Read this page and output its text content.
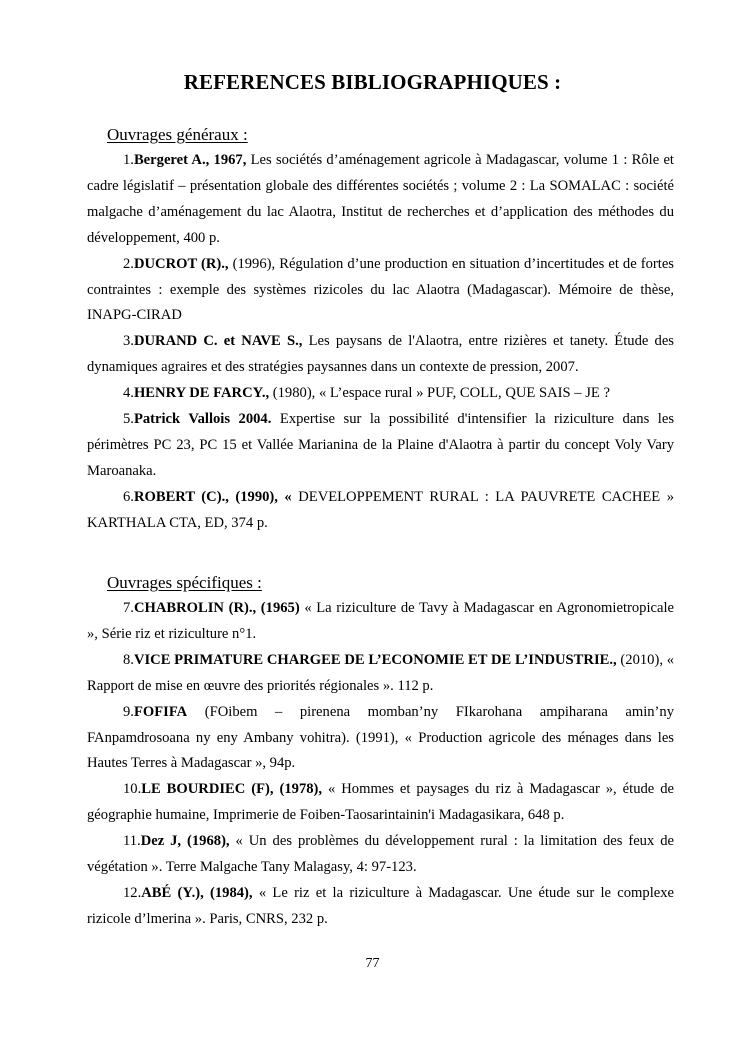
REFERENCES BIBLIOGRAPHIQUES :
Ouvrages généraux :
1.Bergeret A., 1967, Les sociétés d’aménagement agricole à Madagascar, volume 1 : Rôle et cadre législatif – présentation globale des différentes sociétés ; volume 2 : La SOMALAC : société malgache d’aménagement du lac Alaotra, Institut de recherches et d’application des méthodes du développement, 400 p.
2.DUCROT (R)., (1996), Régulation d’une production en situation d’incertitudes et de fortes contraintes : exemple des systèmes rizicoles du lac Alaotra (Madagascar). Mémoire de thèse, INAPG-CIRAD
3.DURAND C. et NAVE S., Les paysans de l'Alaotra, entre rizières et tanety. Étude des dynamiques agraires et des stratégies paysannes dans un contexte de pression, 2007.
4.HENRY DE FARCY., (1980), « L’espace rural » PUF, COLL, QUE SAIS – JE ?
5.Patrick Vallois 2004. Expertise sur la possibilité d'intensifier la riziculture dans les périmètres PC 23, PC 15 et Vallée Marianina de la Plaine d'Alaotra à partir du concept Voly Vary Maroanaka.
6.ROBERT (C)., (1990), « DEVELOPPEMENT RURAL : LA PAUVRETE CACHEE » KARTHALA CTA, ED, 374 p.
Ouvrages spécifiques :
7.CHABROLIN (R)., (1965) « La riziculture de Tavy à Madagascar en Agronomietropicale », Série riz et riziculture n°1.
8.VICE PRIMATURE CHARGEE DE L’ECONOMIE ET DE L’INDUSTRIE., (2010), « Rapport de mise en œuvre des priorités régionales ». 112 p.
9.FOFIFA (FOibem – pirenena momban’ny FIkarohana ampiharana amin’ny FAnpamdrosoana ny eny Ambany vohitra). (1991), « Production agricole des ménages dans les Hautes Terres à Madagascar », 94p.
10.LE BOURDIEC (F), (1978), « Hommes et paysages du riz à Madagascar », étude de géographie humaine, Imprimerie de Foiben-Taosarintainin'i Madagasikara, 648 p.
11.Dez J, (1968), « Un des problèmes du développement rural : la limitation des feux de végétation ». Terre Malgache Tany Malagasy, 4: 97-123.
12.ABÉ (Y.), (1984), « Le riz et la riziculture à Madagascar. Une étude sur le complexe rizicole d’lmerina ». Paris, CNRS, 232 p.
77
